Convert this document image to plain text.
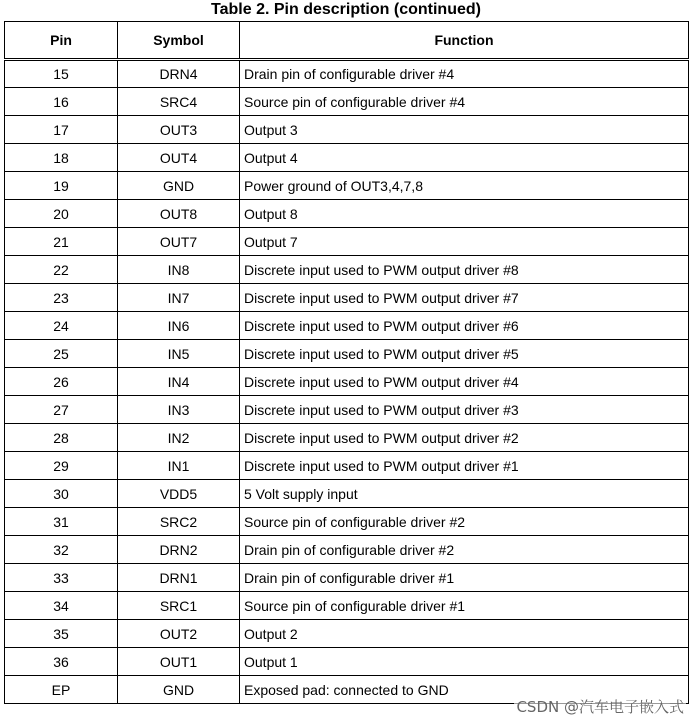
Table 2. Pin description (continued)
Pin	Symbol	Function
15	DRN4	Drain pin of configurable driver #4
16	SRC4	Source pin of configurable driver #4
17	OUT3	Output 3
18	OUT4	Output 4
19	GND	Power ground of OUT3,4,7,8
20	OUT8	Output 8
21	OUT7	Output 7
22	IN8	Discrete input used to PWM output driver #8
23	IN7	Discrete input used to PWM output driver #7
24	IN6	Discrete input used to PWM output driver #6
25	IN5	Discrete input used to PWM output driver #5
26	IN4	Discrete input used to PWM output driver #4
27	IN3	Discrete input used to PWM output driver #3
28	IN2	Discrete input used to PWM output driver #2
29	IN1	Discrete input used to PWM output driver #1
30	VDD5	5 Volt supply input
31	SRC2	Source pin of configurable driver #2
32	DRN2	Drain pin of configurable driver #2
33	DRN1	Drain pin of configurable driver #1
34	SRC1	Source pin of configurable driver #1
35	OUT2	Output 2
36	OUT1	Output 1
EP	GND	Exposed pad: connected to GND
CSDN @汽车电子嵌入式
